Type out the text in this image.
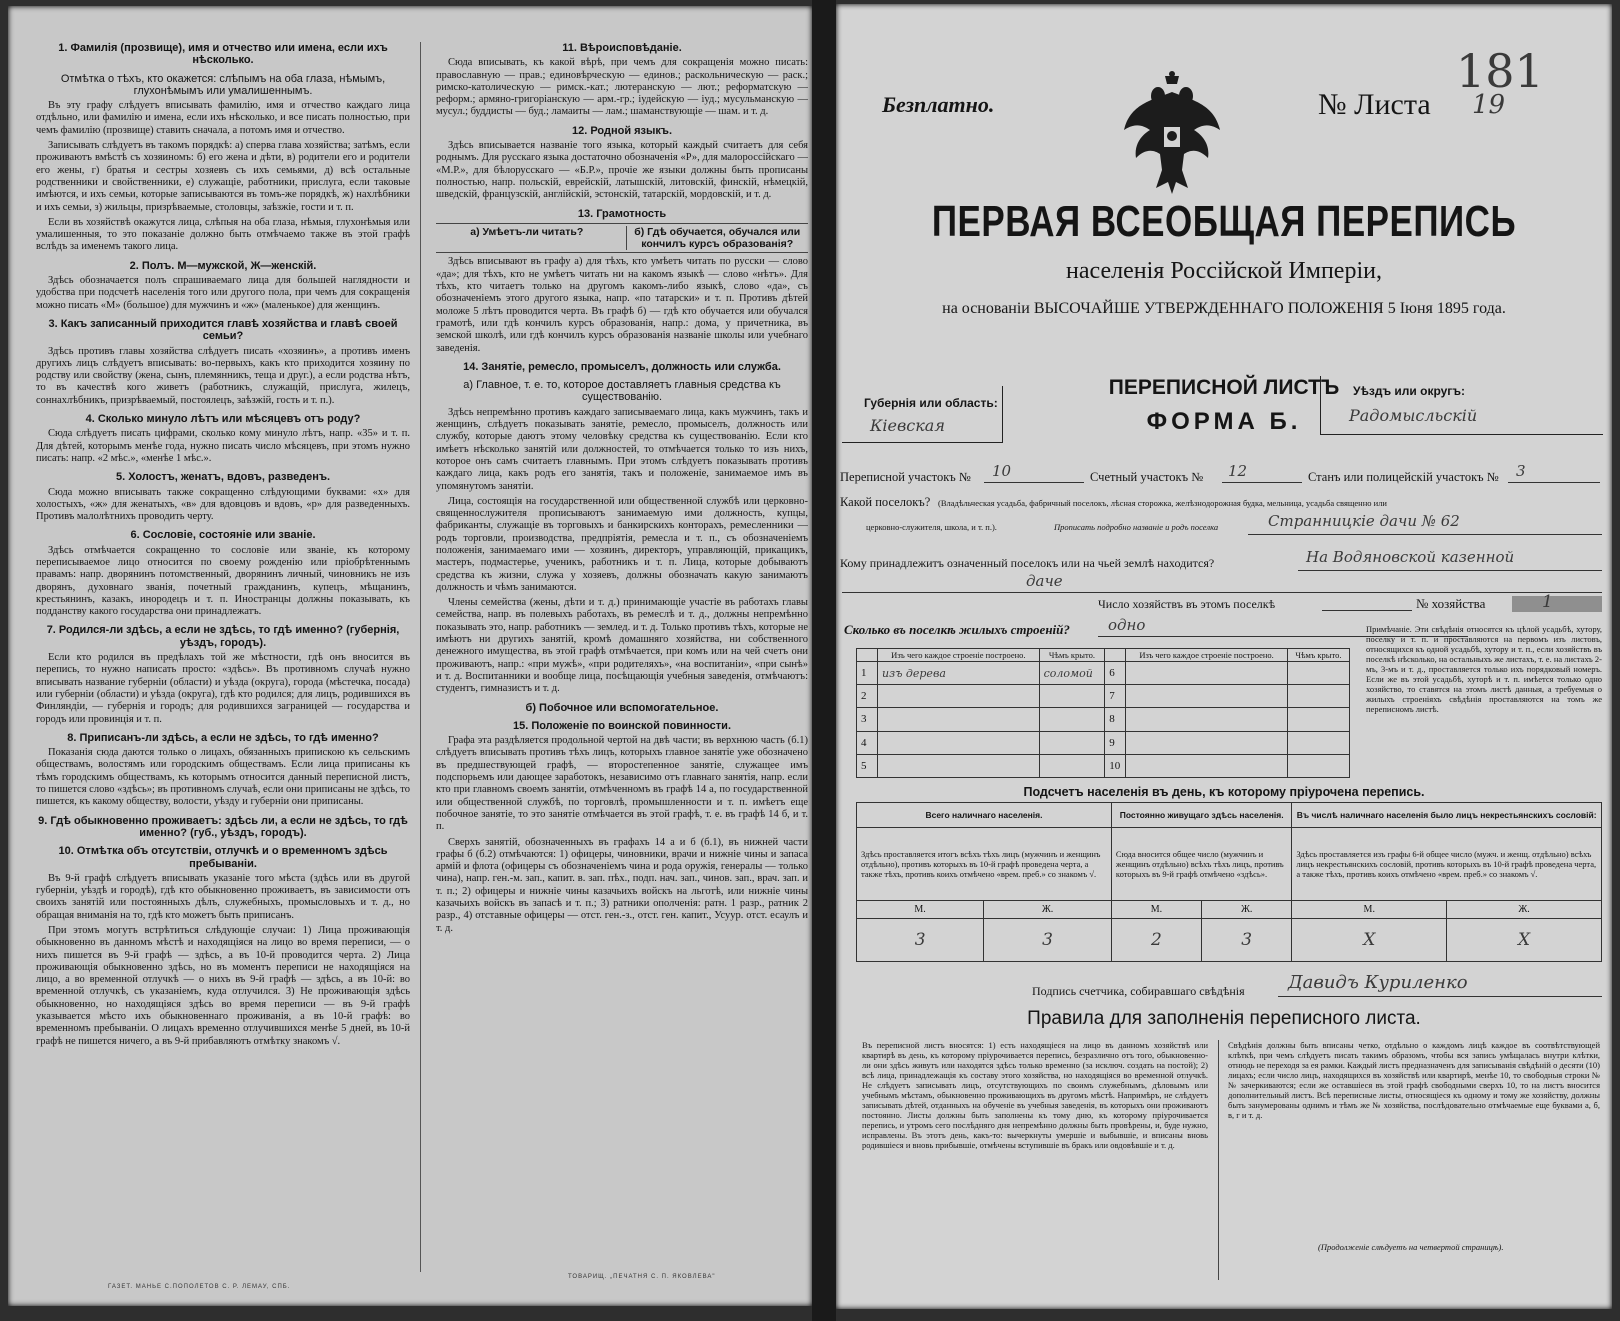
1. Фамилія (прозвище), имя и отчество или имена, если ихъ нѣсколько.
Отмѣтка о тѣхъ, кто окажется: слѣпымъ на оба глаза, нѣмымъ, глухонѣмымъ или умалишеннымъ.

Въ эту графу слѣдуетъ вписывать фамилію, имя и отчество каждаго лица отдѣльно, или фамилію и имена, если ихъ нѣсколько, и все писать полностью, при чемъ фамилію (прозвище) ставить сначала, а потомъ имя и отчество.

Записывать слѣдуетъ въ такомъ порядкѣ: а) сперва глава хозяйства; затѣмъ, если проживаютъ вмѣстѣ съ хозяиномъ: б) его жена и дѣти, в) родители его и родители его жены, г) братья и сестры хозяевъ съ ихъ семьями, д) всѣ остальные родственники и свойственники, е) служащіе, работники, прислуга, если таковые имѣются, и ихъ семьи, которые записываются въ томъ-же порядкѣ, ж) нахлѣбники и ихъ семьи, з) жильцы, призрѣваемые, столовцы, заѣзжіе, гости и т. п.

Если въ хозяйствѣ окажутся лица, слѣпыя на оба глаза, нѣмыя, глухонѣмыя или умалишенныя, то это показаніе должно быть отмѣчаемо также въ этой графѣ вслѣдъ за именемъ такого лица.

2. Полъ. М—мужской, Ж—женскій.

Здѣсь обозначается полъ спрашиваемаго лица для большей наглядности и удобства при подсчетѣ населенія того или другого пола, при чемъ для сокращенія можно писать «М» (большое) для мужчинъ и «ж» (маленькое) для женщинъ.

3. Какъ записанный приходится главѣ хозяйства и главѣ своей семьи?

Здѣсь противъ главы хозяйства слѣдуетъ писать «хозяинъ», а противъ именъ другихъ лицъ слѣдуетъ вписывать: во-первыхъ, какъ кто приходится хозяину по родству или свойству (жена, сынъ, племянникъ, теща и друг.), а если родства нѣтъ, то въ качествѣ кого живетъ (работникъ, служащій, прислуга, жилецъ, соннахлѣбникъ, призрѣваемый, постоялецъ, заѣзжій, гость и т. п.).

4. Сколько минуло лѣтъ или мѣсяцевъ отъ роду?

Сюда слѣдуетъ писать цифрами, сколько кому минуло лѣтъ, напр. «35» и т. п. Для дѣтей, которымъ менѣе года, нужно писать число мѣсяцевъ, при этомъ нужно писать: напр. «2 мѣс.», «менѣе 1 мѣс.».

5. Холостъ, женатъ, вдовъ, разведенъ.

Сюда можно вписывать также сокращенно слѣдующими буквами: «х» для холостыхъ, «ж» для женатыхъ, «в» для вдовцовъ и вдовъ, «р» для разведенныхъ. Противъ малолѣтнихъ проводить черту.

6. Сословіе, состояніе или званіе.

Здѣсь отмѣчается сокращенно то сословіе или званіе, къ которому переписываемое лицо относится по своему рожденію или пріобрѣтеннымъ правамъ: напр. дворянинъ потомственный, дворянинъ личный, чиновникъ не изъ дворянъ, духовнаго званія, почетный гражданинъ, купецъ, мѣщанинъ, крестьянинъ, казакъ, инородецъ и т. п. Иностранцы должны показывать, къ подданству какого государства они принадлежатъ.

7. Родился-ли здѣсь, а если не здѣсь, то гдѣ именно? (губернія, уѣздъ, городъ).

Если кто родился въ предѣлахъ той же мѣстности, гдѣ онъ вносится въ перепись, то нужно написать просто: «здѣсь». Въ противномъ случаѣ нужно вписывать название губерніи (области) и уѣзда (округа), города (мѣстечка, посада) или губерніи (области) и уѣзда (округа), гдѣ кто родился; для лицъ, родившихся въ Финляндіи, — губернія и городъ; для родившихся заграницей — государства и городъ или провинція и т. п.

8. Приписанъ-ли здѣсь, а если не здѣсь, то гдѣ именно?

Показанія сюда даются только о лицахъ, обязанныхъ припискою къ сельскимъ обществамъ, волостямъ или городскимъ обществамъ. Если лица приписаны къ тѣмъ городскимъ обществамъ, къ которымъ относится данный переписной листъ, то пишется слово «здѣсь»; въ противномъ случаѣ, если они приписаны не здѣсь, то пишется, къ какому обществу, волости, уѣзду и губерніи они приписаны.

9. Гдѣ обыкновенно проживаетъ: здѣсь ли, а если не здѣсь, то гдѣ именно? (губ., уѣздъ, городъ).
10. Отмѣтка объ отсутствіи, отлучкѣ и о временномъ здѣсь пребываніи.

Въ 9-й графѣ слѣдуетъ вписывать указаніе того мѣста (здѣсь или въ другой губерніи, уѣздѣ и городѣ), гдѣ кто обыкновенно проживаетъ, въ зависимости отъ своихъ занятій или постоянныхъ дѣлъ, служебныхъ, промысловыхъ и т. д., но обращая вниманія на то, гдѣ кто можетъ быть приписанъ.

При этомъ могутъ встрѣтиться слѣдующіе случаи: 1) Лица проживающія обыкновенно въ данномъ мѣстѣ и находящіяся на лицо во время переписи, — о нихъ пишется въ 9-й графѣ — здѣсь, а въ 10-й проводится черта. 2) Лица проживающія обыкновенно здѣсь, но въ моментъ переписи не находящіяся на лицо, а во временной отлучкѣ — о нихъ въ 9-й графѣ — здѣсь, а въ 10-й: во временной отлучкѣ, съ указаніемъ, куда отлучился. 3) Не проживающія здѣсь обыкновенно, но находящіяся здѣсь во время переписи — въ 9-й графѣ указывается мѣсто ихъ обыкновеннаго проживанія, а въ 10-й графѣ: во временномъ пребываніи. О лицахъ временно отлучившихся менѣе 5 дней, въ 10-й графѣ не пишется ничего, а въ 9-й прибавляютъ отмѣтку знакомъ √.

11. Вѣроисповѣданіе.

Сюда вписывать, къ какой вѣрѣ, при чемъ для сокращенія можно писать: православную — прав.; единовѣрческую — единов.; раскольническую — раск.; римско-католическую — римск.-кат.; лютеранскую — лют.; реформатскую — реформ.; армяно-григоріанскую — арм.-гр.; іудейскую — іуд.; мусульманскую — мусул.; буддисты — буд.; ламаиты — лам.; шаманствующіе — шам. и т. д.

12. Родной языкъ.

Здѣсь вписывается названіе того языка, который каждый считаетъ для себя роднымъ. Для русскаго языка достаточно обозначенія «Р», для малороссійскаго — «М.Р.», для бѣлорусскаго — «Б.Р.», прочіе же языки должны быть прописаны полностью, напр. польскій, еврейскій, латышскій, литовскій, финскій, нѣмецкій, шведскій, французскій, англійскій, эстонскій, татарскій, мордовскій, и т. д.

13. Грамотность
а) Умѣетъ-ли читать?	б) Гдѣ обучается, обучался или кончилъ курсъ образованія?

Здѣсь вписывают въ графу а) для тѣхъ, кто умѣетъ читать по русски — слово «да»; для тѣхъ, кто не умѣетъ читать ни на какомъ языкѣ — слово «нѣтъ». Для тѣхъ, кто читаетъ только на другомъ какомъ-либо языкѣ, слово «да», съ обозначеніемъ этого другого языка, напр. «по татарски» и т. п. Противъ дѣтей моложе 5 лѣтъ проводится черта. Въ графѣ б) — гдѣ кто обучается или обучался грамотѣ, или гдѣ кончилъ курсъ образованія, напр.: дома, у причетника, въ земской школѣ, или гдѣ кончилъ курсъ образованія названіе школы или учебнаго заведенія.

14. Занятіе, ремесло, промыселъ, должность или служба.
а) Главное, т. е. то, которое доставляетъ главныя средства къ существованію.

Здѣсь непремѣнно противъ каждаго записываемаго лица, какъ мужчинъ, такъ и женщинъ, слѣдуетъ показывать занятіе, ремесло, промыселъ, должность или службу, которые даютъ этому человѣку средства къ существованію. Если кто имѣетъ нѣсколько занятій или должностей, то отмѣчается только то изъ нихъ, которое онъ самъ считаетъ главнымъ. При этомъ слѣдуетъ показывать противъ каждаго лица, какъ родъ его занятія, такъ и положеніе, занимаемое имъ въ упомянутомъ занятіи.

Лица, состоящія на государственной или общественной службѣ или церковно-священнослужителя прописываютъ занимаемую ими должность, купцы, фабриканты, служащіе въ торговыхъ и банкирскихъ конторахъ, ремесленники — родъ торговли, производства, предпріятія, ремесла и т. п., съ обозначеніемъ положенія, занимаемаго ими — хозяинъ, директоръ, управляющій, прикащикъ, мастеръ, подмастерье, ученикъ, работникъ и т. п. Лица, которые добываютъ средства къ жизни, служа у хозяевъ, должны обозначать какую занимаютъ должность и чѣмъ занимаются.

Члены семейства (жены, дѣти и т. д.) принимающіе участіе въ работахъ главы семейства, напр. въ полевыхъ работахъ, въ ремеслѣ и т. д., должны непремѣнно показывать это, напр. работникъ — землед. и т. д. Только противъ тѣхъ, которые не имѣютъ ни другихъ занятій, кромѣ домашняго хозяйства, ни собственного денежного имущества, въ этой графѣ отмѣчается, при комъ или на чей счетъ они проживаютъ, напр.: «при мужѣ», «при родителяхъ», «на воспитаніи», «при сынѣ» и т. д. Воспитанники и вообще лица, посѣщающія учебныя заведенія, отмѣчаютъ: студентъ, гимназистъ и т. д.

б) Побочное или вспомогательное.
15. Положеніе по воинской повинности.

Графа эта раздѣляется продольной чертой на двѣ части; въ верхнюю часть (б.1) слѣдуетъ вписывать противъ тѣхъ лицъ, которыхъ главное занятіе уже обозначено въ предшествующей графѣ, — второстепенное занятіе, служащее имъ подспорьемъ или дающее заработокъ, независимо отъ главнаго занятія, напр. если кто при главномъ своемъ занятіи, отмѣченномъ въ графѣ 14 а, по государственной или общественной службѣ, по торговлѣ, промышленности и т. п. имѣетъ еще побочное занятіе, то это занятіе отмѣчается въ этой графѣ, т. е. въ графѣ 14 б, и т. п.

Сверхъ занятій, обозначенныхъ въ графахъ 14 а и б (б.1), въ нижней части графы б (б.2) отмѣчаются: 1) офицеры, чиновники, врачи и нижніе чины и запаса армій и флота (офицеры съ обозначеніемъ чина и рода оружія, генералы — только чина), напр. ген.-м. зап., капит. в. зап. пѣх., подп. нач. зап., чинов. зап., врач. зап. и т. п.; 2) офицеры и нижніе чины казачьихъ войскъ на льготѣ, или нижніе чины казачьихъ войскъ въ запасѣ и т. п.; 3) ратники ополченія: ратн. 1 разр., ратник 2 разр., 4) отставные офицеры — отст. ген.-з., отст. ген. капит., Усуур. отст. есаулъ и т. д.

ГАЗЕТ. МАНЬЕ С.ПОПОЛЕТОВ С. Р. ЛЕМАУ, СПБ.
ТОВАРИЩ. „ПЕЧАТНЯ С. П. ЯКОВЛЕВА"
181
Безплатно.	№ Листа 19
ПЕРВАЯ ВСЕОБЩАЯ ПЕРЕПИСЬ
населенія Россійской Имперіи,
на основаніи ВЫСОЧАЙШЕ УТВЕРЖДЕННАГО ПОЛОЖЕНІЯ 5 Іюня 1895 года.
Губернія или область:
Кіевская
ПЕРЕПИСНОЙ ЛИСТЪ
ФОРМА Б.
Уѣздъ или округъ:
Радомысльскій
Переписной участокъ № 10	Счетный участокъ № 12	Станъ или полицейскій участокъ № 3
Какой поселокъ? (Владѣльческая усадьба, фабричный поселокъ, лѣсная сторожка, желѣзнодорожная будка, мельница, усадьба священно или
церковно-служителя, школа, и т. п.).	Прописать подробно названіе и родъ поселка	Странницкіе дачи № 62
Кому принадлежитъ означенный поселокъ или на чьей землѣ находится?	На Водяновской казенной
даче
Число хозяйствъ въ этомъ поселкѣ	№ хозяйства	1
Сколько въ поселкѣ жилыхъ строеній?	одно
	Изъ чего каждое строеніе построено.	Чѣмъ крыто.		Изъ чего каждое строеніе построено.	Чѣмъ крыто.
1	изъ дерева	соломой	6		
2			7		
3			8		
4			9		
5			10		
Примѣчаніе. Эти свѣдѣнія относятся къ цѣлой усадьбѣ, хутору, поселку и т. п. и проставляются на первомъ изъ листовъ, относящихся къ одной усадьбѣ, хутору и т. п., если хозяйствъ въ поселкѣ нѣсколько, на остальныхъ же листахъ, т. е. на листахъ 2-мъ, 3-мъ и т. д., проставляется только ихъ порядковый номеръ. Если же въ этой усадьбѣ, хуторѣ и т. п. имѣется только одно хозяйство, то ставятся на этомъ листѣ данныя, а требуемыя о жилыхъ строеніяхъ свѣдѣнія проставляются на томъ же переписномъ листѣ.
Подсчетъ населенія въ день, къ которому пріурочена перепись.
Всего наличнаго населенія.		Постоянно живущаго здѣсь населенія.		Въ числѣ наличнаго населенія было лицъ некрестьянскихъ сословій:	
Здѣсь проставляется итогъ всѣхъ тѣхъ лицъ (мужчинъ и женщинъ отдѣльно), противъ которыхъ въ 10-й графѣ проведена черта, а также тѣхъ, противъ коихъ отмѣчено «врем. преб.» со знакомъ √.		Сюда вносится общее число (мужчинъ и женщинъ отдѣльно) всѣхъ тѣхъ лицъ, противъ которыхъ въ 9-й графѣ отмѣчено «здѣсь».		Здѣсь проставляется изъ графы 6-й общее число (мужч. и женщ. отдѣльно) всѣхъ лицъ некрестьянскихъ сословій, противъ которыхъ въ 10-й графѣ проведена черта, а также тѣхъ, противъ коихъ отмѣчено «врем. преб.» со знакомъ √.	
М.	Ж.	М.	Ж.	М.	Ж.
3	3	2	3	Х	Х
Подпись счетчика, собиравшаго свѣдѣнія Давидъ Куриленко
Правила для заполненія переписного листа.
Въ переписной листъ вносятся: 1) есть находящіеся на лицо въ данномъ хозяйствѣ или квартирѣ въ день, къ которому пріурочивается перепись, безразлично отъ того, обыкновенно-ли они здѣсь живутъ или находятся здѣсь только временно (за исключ. создать на постой); 2) всѣ лица, принадлежащія къ составу этого хозяйства, но находящіяся во временной отлучкѣ. Не слѣдуетъ записывать лицъ, отсутствующихъ по своимъ служебнымъ, дѣловымъ или учебнымъ мѣстамъ, обыкновенно проживающихъ въ другомъ мѣстѣ. Напримѣръ, не слѣдуетъ записывать дѣтей, отданныхъ на обученіе въ учебныя заведенія, въ которыхъ они проживаютъ постоянно. Листы должны быть заполнены къ тому дню, къ которому пріурочивается перепись, и утромъ сего послѣдняго дня непремѣнно должны быть провѣрены, и, буде нужно, исправлены. Въ этотъ день, какъ-то: вычеркнуты умершіе и выбывшіе, и вписаны вновь родившіеся и вновь прибывшіе, отмѣчены вступившіе въ бракъ или овдовѣвшіе и т. д.
Свѣдѣнія должны быть вписаны четко, отдѣльно о каждомъ лицѣ каждое въ соотвѣтствующей клѣткѣ, при чемъ слѣдуетъ писать такимъ образомъ, чтобы вся запись умѣщалась внутри клѣтки, отнюдь не переходя за ея рамки. Каждый листъ предназначенъ для записыванія свѣдѣній о десяти (10) лицахъ; если число лицъ, находящихся въ хозяйствѣ или квартирѣ, менѣе 10, то свободныя строки №№ зачеркиваются; если же оставшіеся въ этой графѣ свободными сверхъ 10, то на листъ вносится дополнительный листъ. Всѣ переписные листы, относящіеся къ одному и тому же хозяйству, должны быть занумерованы однимъ и тѣмъ же № хозяйства, послѣдовательно отмѣчаемые еще буквами а, б, в, г и т. д.
(Продолженіе слѣдуетъ на четвертой страницѣ).
